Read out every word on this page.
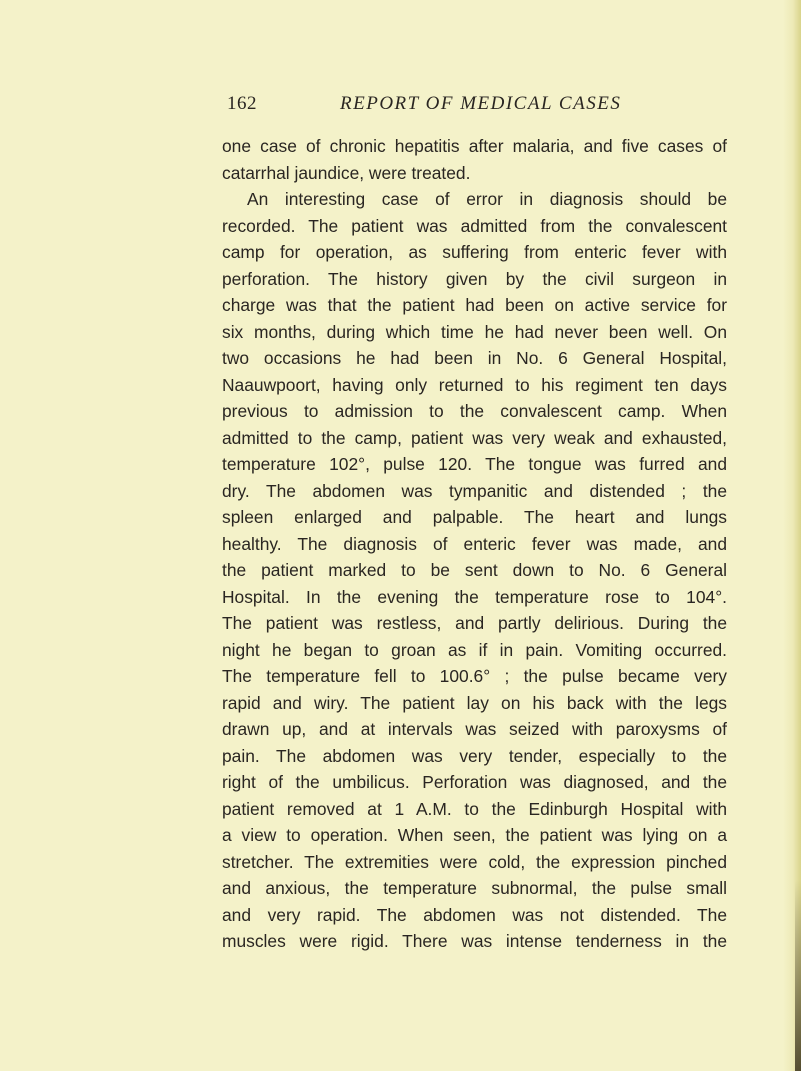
162	REPORT OF MEDICAL CASES
one case of chronic hepatitis after malaria, and five cases of
catarrhal jaundice, were treated.
An interesting case of error in diagnosis should be
recorded. The patient was admitted from the convalescent
camp for operation, as suffering from enteric fever with
perforation. The history given by the civil surgeon in
charge was that the patient had been on active service for
six months, during which time he had never been well. On
two occasions he had been in No. 6 General Hospital,
Naauwpoort, having only returned to his regiment ten days
previous to admission to the convalescent camp. When
admitted to the camp, patient was very weak and exhausted,
temperature 102°, pulse 120. The tongue was furred and
dry. The abdomen was tympanitic and distended ; the
spleen enlarged and palpable. The heart and lungs
healthy. The diagnosis of enteric fever was made, and
the patient marked to be sent down to No. 6 General
Hospital. In the evening the temperature rose to 104°.
The patient was restless, and partly delirious. During the
night he began to groan as if in pain. Vomiting occurred.
The temperature fell to 100.6° ; the pulse became very
rapid and wiry. The patient lay on his back with the legs
drawn up, and at intervals was seized with paroxysms of
pain. The abdomen was very tender, especially to the
right of the umbilicus. Perforation was diagnosed, and the
patient removed at 1 A.M. to the Edinburgh Hospital with
a view to operation. When seen, the patient was lying on a
stretcher. The extremities were cold, the expression pinched
and anxious, the temperature subnormal, the pulse small
and very rapid. The abdomen was not distended. The
muscles were rigid. There was intense tenderness in the
